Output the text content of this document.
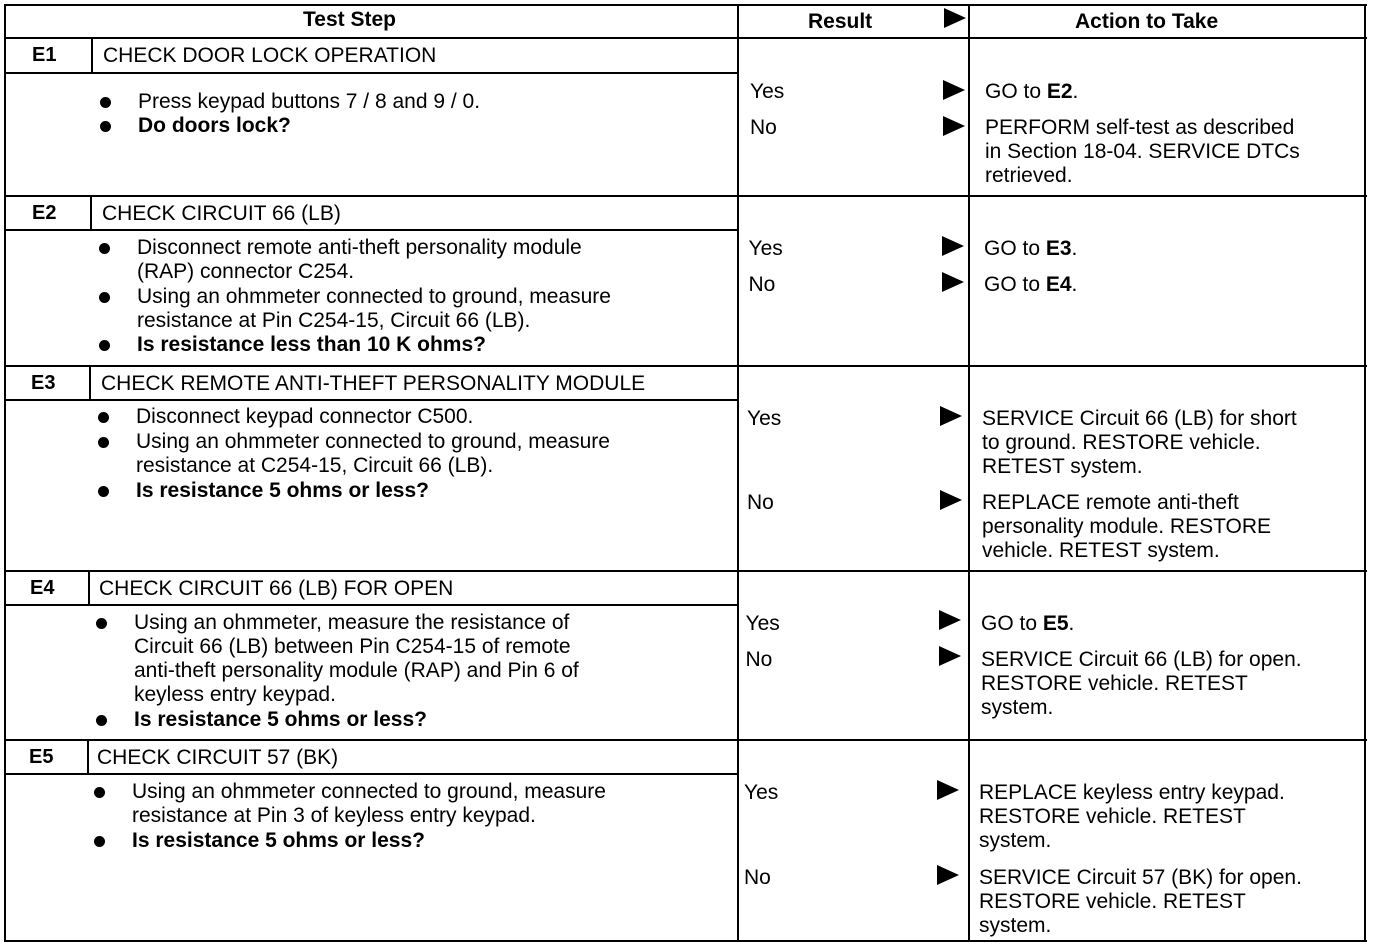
Test Step	Result	Action to Take
E1 CHECK DOOR LOCK OPERATION
Press keypad buttons 7 / 8 and 9 / 0.
Do doors lock?
Yes	GO to E2.
No	PERFORM self-test as described
in Section 18-04. SERVICE DTCs
retrieved.
E2 CHECK CIRCUIT 66 (LB)
Disconnect remote anti-theft personality module
(RAP) connector C254.
Using an ohmmeter connected to ground, measure
resistance at Pin C254-15, Circuit 66 (LB).
Is resistance less than 10 K ohms?
Yes	GO to E3.
No	GO to E4.
E3 CHECK REMOTE ANTI-THEFT PERSONALITY MODULE
Disconnect keypad connector C500.
Using an ohmmeter connected to ground, measure
resistance at C254-15, Circuit 66 (LB).
Is resistance 5 ohms or less?
Yes	SERVICE Circuit 66 (LB) for short
to ground. RESTORE vehicle.
RETEST system.
No	REPLACE remote anti-theft
personality module. RESTORE
vehicle. RETEST system.
E4 CHECK CIRCUIT 66 (LB) FOR OPEN
Using an ohmmeter, measure the resistance of
Circuit 66 (LB) between Pin C254-15 of remote
anti-theft personality module (RAP) and Pin 6 of
keyless entry keypad.
Is resistance 5 ohms or less?
Yes	GO to E5.
No	SERVICE Circuit 66 (LB) for open.
RESTORE vehicle. RETEST
system.
E5 CHECK CIRCUIT 57 (BK)
Using an ohmmeter connected to ground, measure
resistance at Pin 3 of keyless entry keypad.
Is resistance 5 ohms or less?
Yes	REPLACE keyless entry keypad.
RESTORE vehicle. RETEST
system.
No	SERVICE Circuit 57 (BK) for open.
RESTORE vehicle. RETEST
system.
